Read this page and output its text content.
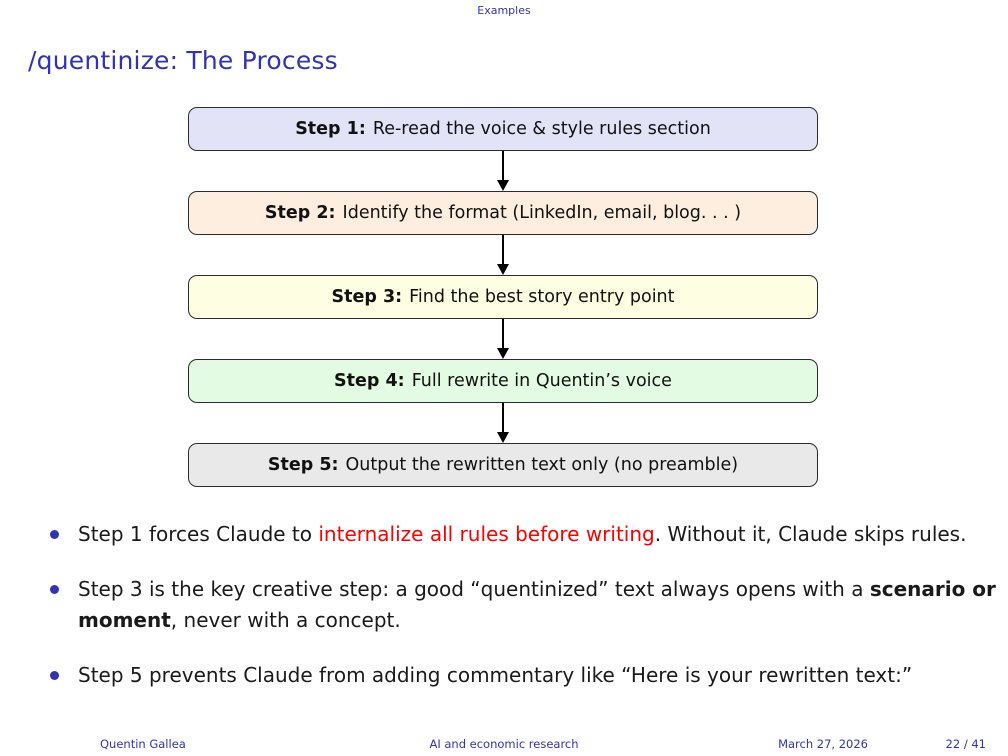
Examples
/quentinize: The Process
Step 1: Re-read the voice & style rules section
Step 2: Identify the format (LinkedIn, email, blog. . . )
Step 3: Find the best story entry point
Step 4: Full rewrite in Quentin’s voice
Step 5: Output the rewritten text only (no preamble)
Step 1 forces Claude to internalize all rules before writing. Without it, Claude skips rules.
Step 3 is the key creative step: a good “quentinized” text always opens with a scenario or moment, never with a concept.
Step 5 prevents Claude from adding commentary like “Here is your rewritten text:”
Quentin Gallea	AI and economic research	March 27, 2026	22 / 41
